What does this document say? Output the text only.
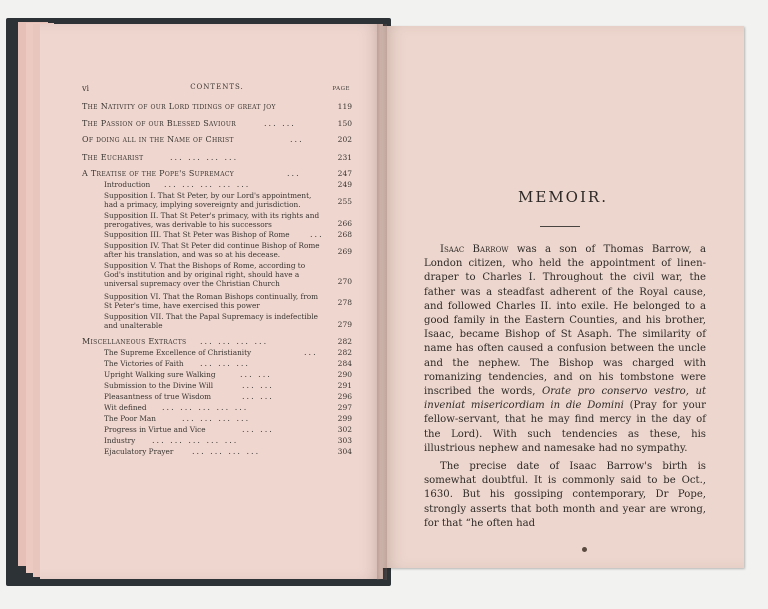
vi	CONTENTS.	PAGE
The Nativity of our Lord tidings of great joy	119
The Passion of our Blessed Saviour	... ...	150
Of doing all in the Name of Christ	...	202
The Eucharist	... ... ... ...	231
A Treatise of the Pope's Supremacy	...	247
Introduction ... ... ... ... ...	249
Supposition I. That St Peter, by our Lord's appointment, had a primacy, implying sovereignty and jurisdiction.	255
Supposition II. That St Peter's primacy, with its rights and prerogatives, was derivable to his successors	266
Supposition III. That St Peter was Bishop of Rome	... 268
Supposition IV. That St Peter did continue Bishop of Rome after his translation, and was so at his decease.	269
Supposition V. That the Bishops of Rome, according to God's institution and by original right, should have a universal supremacy over the Christian Church	270
Supposition VI. That the Roman Bishops continually, from St Peter's time, have exercised this power	278
Supposition VII. That the Papal Supremacy is indefectible and unalterable	279
Miscellaneous Extracts ... ... ... ...	282
The Supreme Excellence of Christianity	...	282
The Victories of Faith ... ... ...	284
Upright Walking sure Walking	... ...	290
Submission to the Divine Will	... ...	291
Pleasantness of true Wisdom	... ...	296
Wit defined ... ... ... ... ...	297
The Poor Man	... ... ... ...	299
Progress in Virtue and Vice	... ...	302
Industry ... ... ... ... ...	303
Ejaculatory Prayer ... ... ... ...	304
MEMOIR.

Isaac Barrow was a son of Thomas Barrow, a London citizen, who held the appointment of linen-draper to Charles I. Throughout the civil war, the father was a steadfast adherent of the Royal cause, and followed Charles II. into exile. He belonged to a good family in the Eastern Counties, and his brother, Isaac, became Bishop of St Asaph. The similarity of name has often caused a confusion between the uncle and the nephew. The Bishop was charged with romanizing tendencies, and on his tombstone were inscribed the words, Orate pro conservo vestro, ut inveniat misericordiam in die Domini (Pray for your fellow-servant, that he may find mercy in the day of the Lord). With such tendencies as these, his illustrious nephew and namesake had no sympathy.

The precise date of Isaac Barrow's birth is somewhat doubtful. It is commonly said to be Oct., 1630. But his gossiping contemporary, Dr Pope, strongly asserts that both month and year are wrong, for that “he often had
